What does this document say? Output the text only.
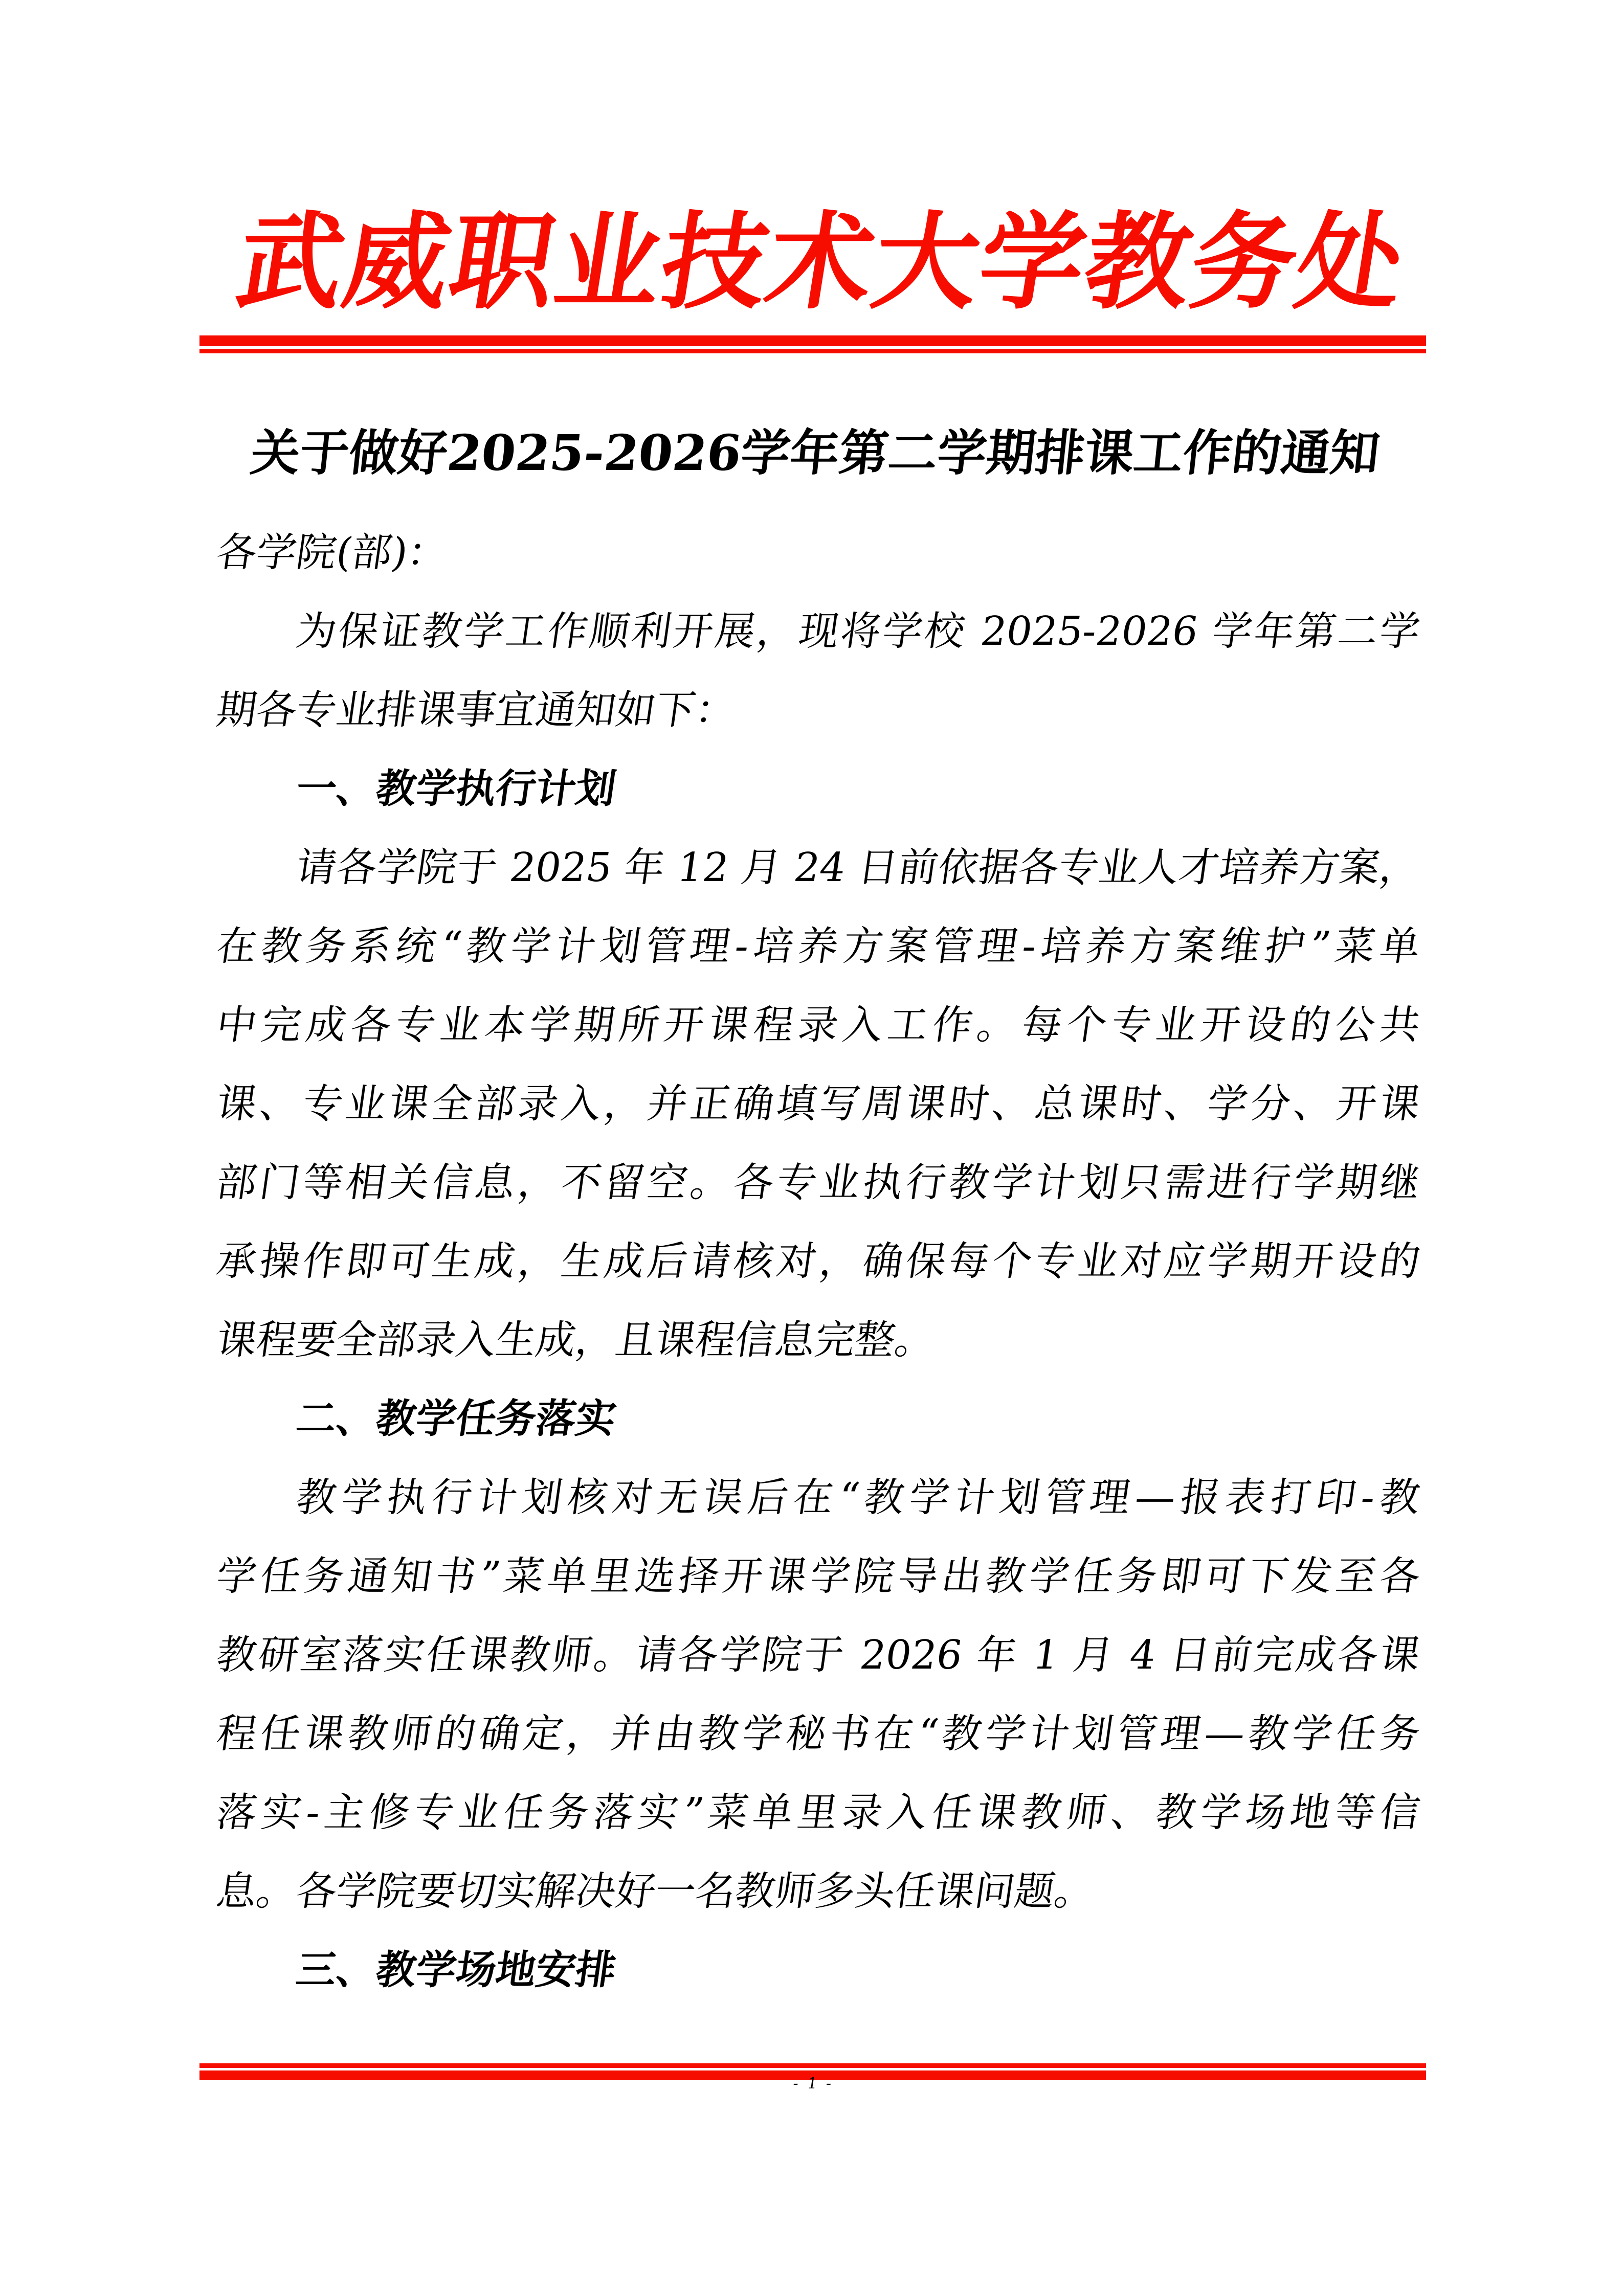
武威职业技术大学教务处
关于做好2025-2026学年第二学期排课工作的通知
各学院(部)：
为保证教学工作顺利开展，现将学校 2025-2026 学年第二学
期各专业排课事宜通知如下：
一、教学执行计划
请各学院于 2025 年 12 月 24 日前依据各专业人才培养方案，
在教务系统“教学计划管理-培养方案管理-培养方案维护”菜单
中完成各专业本学期所开课程录入工作。每个专业开设的公共
课、专业课全部录入，并正确填写周课时、总课时、学分、开课
部门等相关信息，不留空。各专业执行教学计划只需进行学期继
承操作即可生成，生成后请核对，确保每个专业对应学期开设的
课程要全部录入生成，且课程信息完整。
二、教学任务落实
教学执行计划核对无误后在“教学计划管理—报表打印-教
学任务通知书”菜单里选择开课学院导出教学任务即可下发至各
教研室落实任课教师。请各学院于 2026 年 1 月 4 日前完成各课
程任课教师的确定，并由教学秘书在“教学计划管理—教学任务
落实-主修专业任务落实”菜单里录入任课教师、教学场地等信
息。各学院要切实解决好一名教师多头任课问题。
三、教学场地安排
- 1 -
